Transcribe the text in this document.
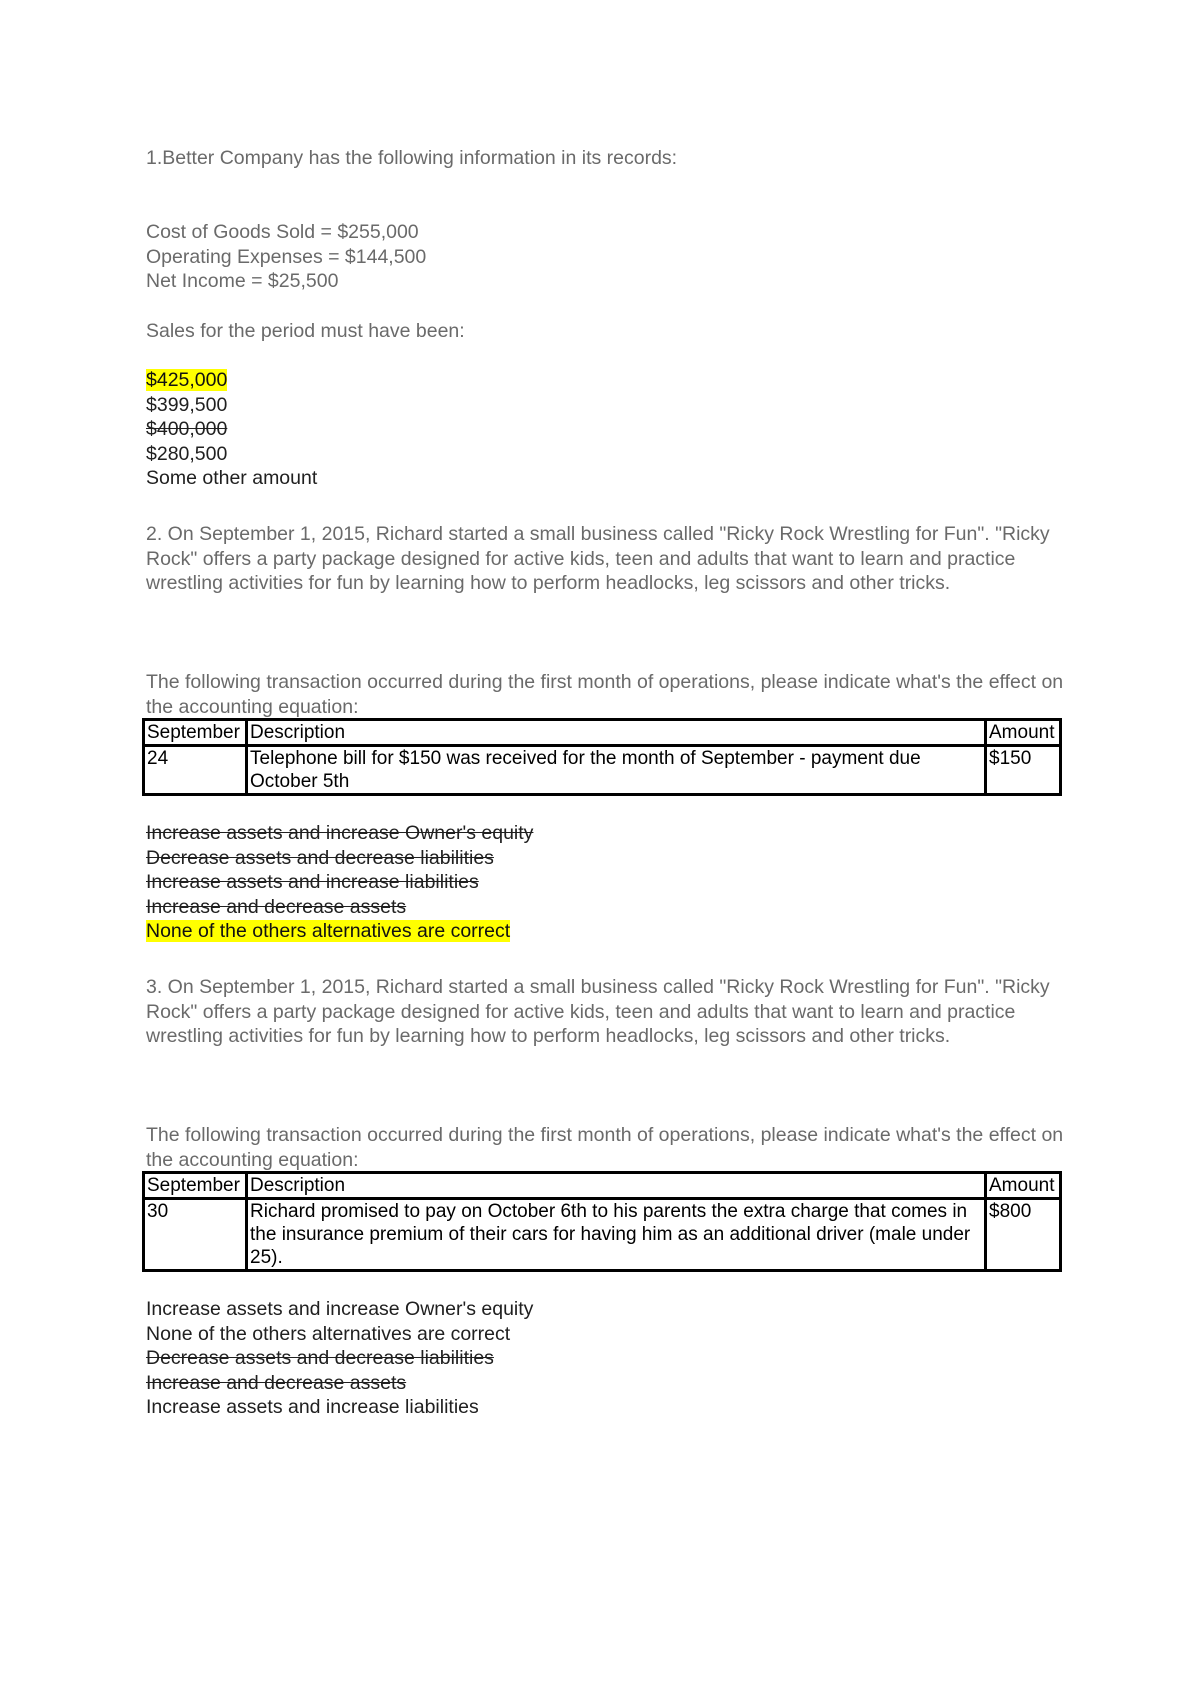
1.Better Company has the following information in its records:
Cost of Goods Sold = $255,000
Operating Expenses = $144,500
Net Income = $25,500
Sales for the period must have been:
$425,000
$399,500
$400,000
$280,500
Some other amount
2. On September 1, 2015, Richard started a small business called "Ricky Rock Wrestling for Fun". "Ricky Rock" offers a party package designed for active kids, teen and adults that want to learn and practice wrestling activities for fun by learning how to perform headlocks, leg scissors and other tricks.
The following transaction occurred during the first month of operations, please indicate what's the effect on the accounting equation:
September	Description	Amount
24	Telephone bill for $150 was received for the month of September - payment due October 5th	$150
Increase assets and increase Owner's equity
Decrease assets and decrease liabilities
Increase assets and increase liabilities
Increase and decrease assets
None of the others alternatives are correct
3. On September 1, 2015, Richard started a small business called "Ricky Rock Wrestling for Fun". "Ricky Rock" offers a party package designed for active kids, teen and adults that want to learn and practice wrestling activities for fun by learning how to perform headlocks, leg scissors and other tricks.
The following transaction occurred during the first month of operations, please indicate what's the effect on the accounting equation:
September	Description	Amount
30	Richard promised to pay on October 6th to his parents the extra charge that comes in the insurance premium of their cars for having him as an additional driver (male under 25).	$800
Increase assets and increase Owner's equity
None of the others alternatives are correct
Decrease assets and decrease liabilities
Increase and decrease assets
Increase assets and increase liabilities
